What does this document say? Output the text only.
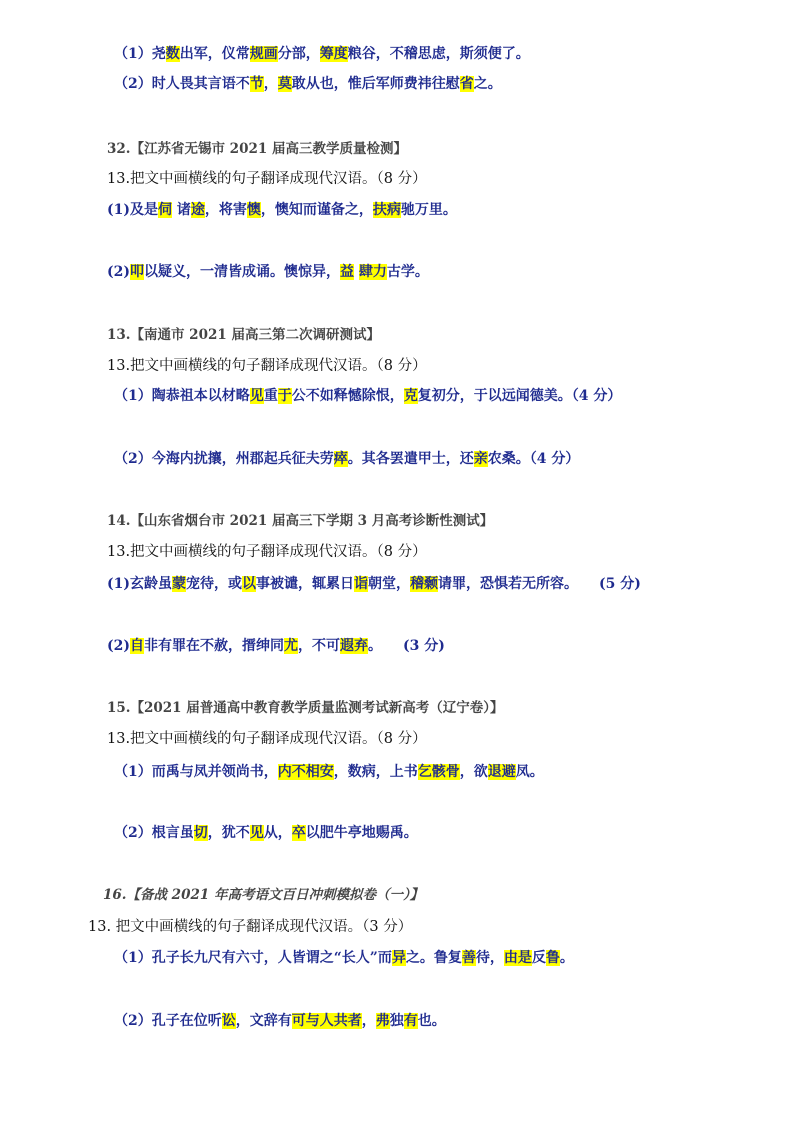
（1）尧数出军，仪常规画分部，筹度粮谷，不稽思虑，斯须便了。
（2）时人畏其言语不节，莫敢从也，惟后军师费祎往慰省之。
32.【江苏省无锡市 2021 届高三教学质量检测】
13.把文中画横线的句子翻译成现代汉语。（8 分）
(1)及是伺 诸途，将害懊，懊知而谨备之，扶病驰万里。
(2)叩以疑义，一清皆成诵。懊惊异，益 肆力古学。
13.【南通市 2021 届高三第二次调研测试】
13.把文中画横线的句子翻译成现代汉语。（8 分）
（1）陶恭祖本以材略见重于公不如释憾除恨，克复初分，于以远闻德美。（4 分）
（2）今海内扰攘，州郡起兵征夫劳瘁。其各罢遣甲士，还亲农桑。（4 分）
14.【山东省烟台市 2021 届高三下学期 3 月高考诊断性测试】
13.把文中画横线的句子翻译成现代汉语。（8 分）
(1)玄龄虽蒙宠待，或以事被谴，辄累日诣朝堂，稽颡请罪，恐惧若无所容。　　(5 分)
(2)自非有罪在不赦，搢绅同尤，不可遐弃。　　(3 分)
15.【2021 届普通高中教育教学质量监测考试新高考（辽宁卷）】
13.把文中画横线的句子翻译成现代汉语。（8 分）
（1）而禹与凤并领尚书，内不相安，数病，上书乞骸骨，欲退避凤。
（2）根言虽切，犹不见从，卒以肥牛亭地赐禹。
16.【备战 2021 年高考语文百日冲刺模拟卷（一）】
13. 把文中画横线的句子翻译成现代汉语。（3 分）
（1）孔子长九尺有六寸，人皆谓之“长人”而异之。鲁复善待，由是反鲁。
（2）孔子在位听讼，文辞有可与人共者，弗独有也。
